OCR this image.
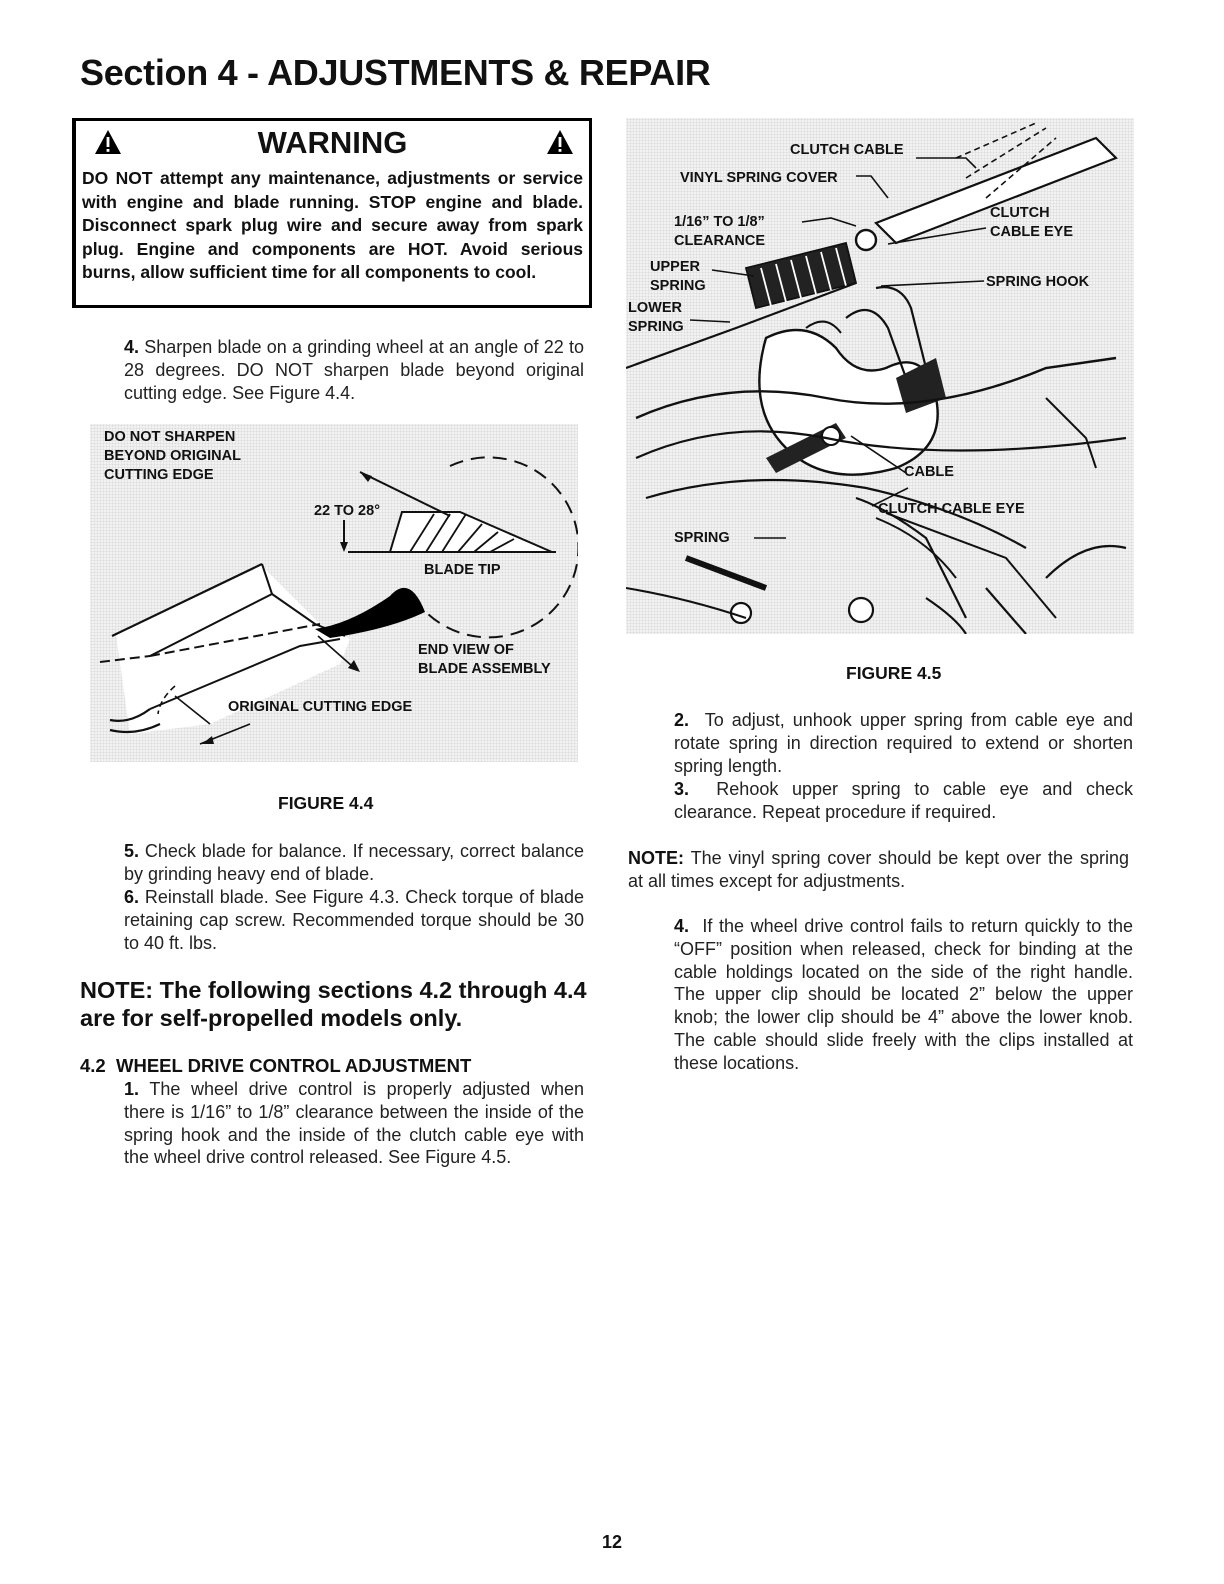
Section 4 - ADJUSTMENTS & REPAIR
WARNING
DO NOT attempt any maintenance, adjustments or service with engine and blade running. STOP engine and blade. Disconnect spark plug wire and secure away from spark plug. Engine and components are HOT. Avoid serious burns, allow sufficient time for all components to cool.
4. Sharpen blade on a grinding wheel at an angle of 22 to 28 degrees. DO NOT sharpen blade beyond original cutting edge. See Figure 4.4.
DO NOT SHARPEN
BEYOND ORIGINAL
CUTTING EDGE
22 TO 28°
BLADE TIP
END VIEW OF
BLADE ASSEMBLY
ORIGINAL CUTTING EDGE
FIGURE 4.4
5. Check blade for balance. If necessary, correct balance by grinding heavy end of blade.
6. Reinstall blade. See Figure 4.3. Check torque of blade retaining cap screw. Recommended torque should be 30 to 40 ft. lbs.
NOTE: The following sections 4.2 through 4.4 are for self-propelled models only.
4.2 WHEEL DRIVE CONTROL ADJUSTMENT
1. The wheel drive control is properly adjusted when there is 1/16” to 1/8” clearance between the inside of the spring hook and the inside of the clutch cable eye with the wheel drive control released. See Figure 4.5.
CLUTCH CABLE
VINYL SPRING COVER
1/16” TO 1/8”
CLEARANCE
UPPER
SPRING
LOWER
SPRING
CLUTCH
CABLE EYE
SPRING HOOK
CABLE
CLUTCH CABLE EYE
SPRING
FIGURE 4.5
2. To adjust, unhook upper spring from cable eye and rotate spring in direction required to extend or shorten spring length.
3. Rehook upper spring to cable eye and check clearance. Repeat procedure if required.
NOTE: The vinyl spring cover should be kept over the spring at all times except for adjustments.
4. If the wheel drive control fails to return quickly to the “OFF” position when released, check for binding at the cable holdings located on the side of the right handle. The upper clip should be located 2” below the upper knob; the lower clip should be 4” above the lower knob. The cable should slide freely with the clips installed at these locations.
12
